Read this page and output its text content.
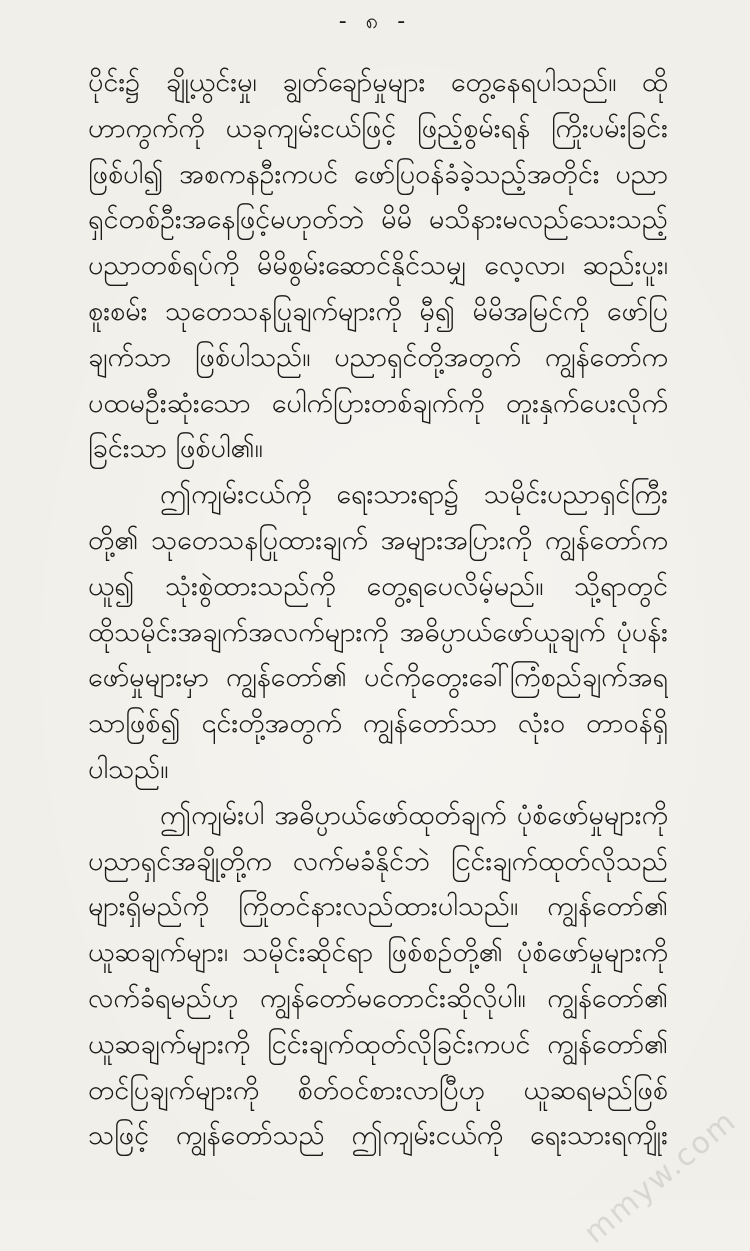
- ၈ -
ပိုင်း၌ ချို့ယွင်းမှု၊ ချွတ်ချော်မှုများ တွေ့နေရပါသည်။ ထို
ဟာကွက်ကို ယခုကျမ်းငယ်ဖြင့် ဖြည့်စွမ်းရန် ကြိုးပမ်းခြင်း
ဖြစ်ပါ၍ အစကနဦးကပင် ဖော်ပြဝန်ခံခဲ့သည့်အတိုင်း ပညာ
ရှင်တစ်ဦးအနေဖြင့်မဟုတ်ဘဲ မိမိ မသိနားမလည်သေးသည့်
ပညာတစ်ရပ်ကို မိမိစွမ်းဆောင်နိုင်သမျှ လေ့လာ၊ ဆည်းပူး၊
စူးစမ်း သုတေသနပြုချက်များကို မှီ၍ မိမိအမြင်ကို ဖော်ပြ
ချက်သာ ဖြစ်ပါသည်။ ပညာရှင်တို့အတွက် ကျွန်တော်က
ပထမဦးဆုံးသော ပေါက်ပြားတစ်ချက်ကို တူးနှက်ပေးလိုက်
ခြင်းသာ ဖြစ်ပါ၏။
ဤကျမ်းငယ်ကို ရေးသားရာ၌ သမိုင်းပညာရှင်ကြီး
တို့၏ သုတေသနပြုထားချက် အများအပြားကို ကျွန်တော်က
ယူ၍ သုံးစွဲထားသည်ကို တွေ့ရပေလိမ့်မည်။ သို့ရာတွင်
ထိုသမိုင်းအချက်အလက်များကို အဓိပ္ပာယ်ဖော်ယူချက် ပုံပန်း
ဖော်မှုများမှာ ကျွန်တော်၏ ပင်ကိုတွေးခေါ်ကြံစည်ချက်အရ
သာဖြစ်၍ ၎င်းတို့အတွက် ကျွန်တော်သာ လုံးဝ တာဝန်ရှိ
ပါသည်။
ဤကျမ်းပါ အဓိပ္ပာယ်ဖော်ထုတ်ချက် ပုံစံဖော်မှုများကို
ပညာရှင်အချို့တို့က လက်မခံနိုင်ဘဲ ငြင်းချက်ထုတ်လိုသည်
များရှိမည်ကို ကြိုတင်နားလည်ထားပါသည်။ ကျွန်တော်၏
ယူဆချက်များ၊ သမိုင်းဆိုင်ရာ ဖြစ်စဉ်တို့၏ ပုံစံဖော်မှုများကို
လက်ခံရမည်ဟု ကျွန်တော်မတောင်းဆိုလိုပါ။ ကျွန်တော်၏
ယူဆချက်များကို ငြင်းချက်ထုတ်လိုခြင်းကပင် ကျွန်တော်၏
တင်ပြချက်များကို စိတ်ဝင်စားလာပြီဟု ယူဆရမည်ဖြစ်
သဖြင့် ကျွန်တော်သည် ဤကျမ်းငယ်ကို ရေးသားရကျိုး
mmyw.com
